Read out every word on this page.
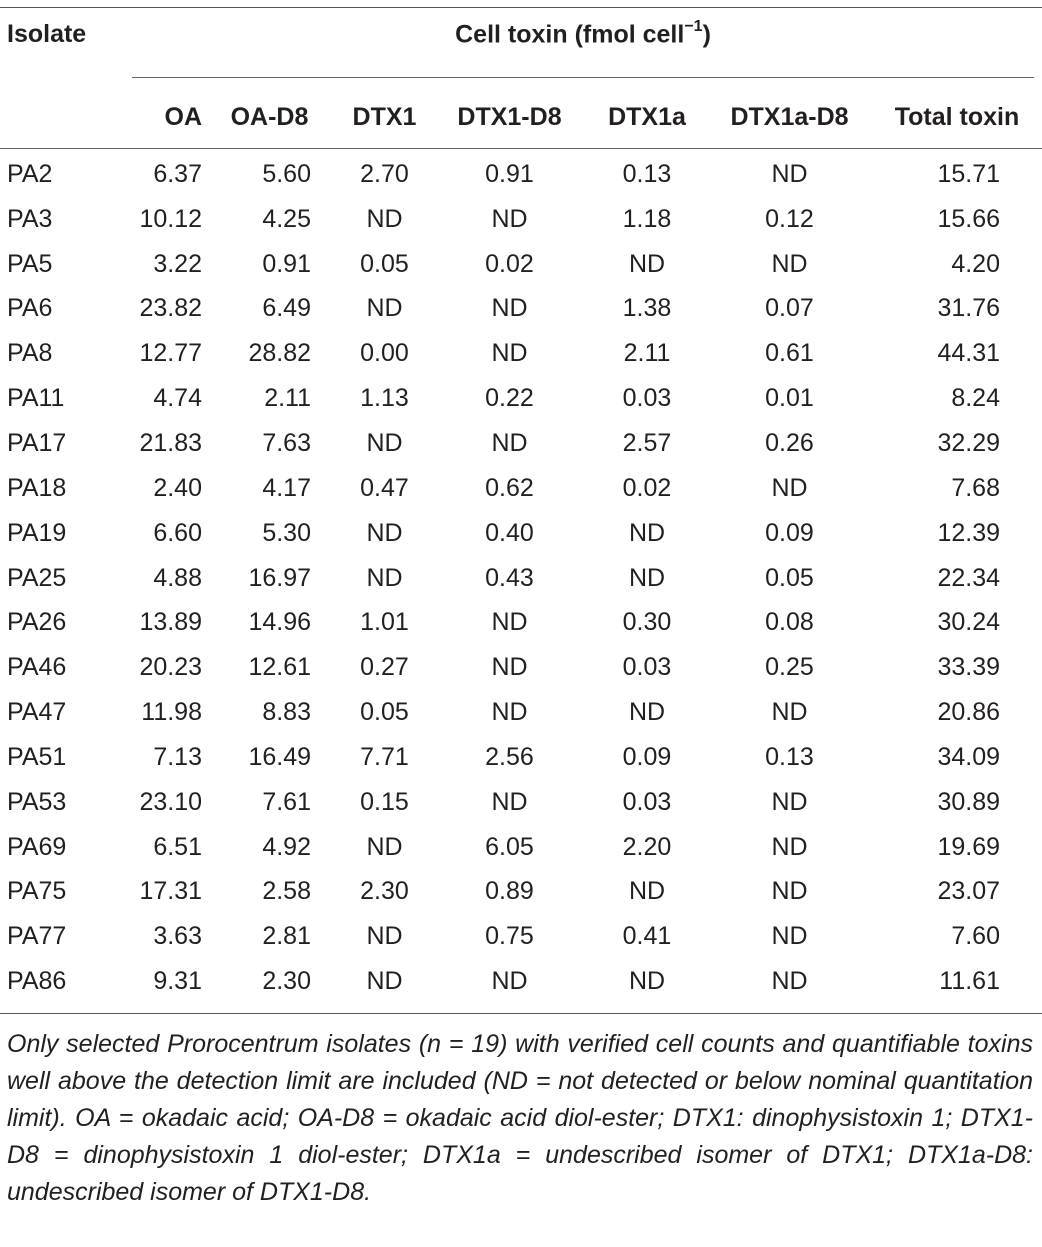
Isolate	Cell toxin (fmol cell$^{-1}$)
	OA	OA-D8	DTX1	DTX1-D8	DTX1a	DTX1a-D8	Total toxin

PA2	6.37	5.60	2.70	0.91	0.13	ND	15.71
PA3	10.12	4.25	ND	ND	1.18	0.12	15.66
PA5	3.22	0.91	0.05	0.02	ND	ND	4.20
PA6	23.82	6.49	ND	ND	1.38	0.07	31.76
PA8	12.77	28.82	0.00	ND	2.11	0.61	44.31
PA11	4.74	2.11	1.13	0.22	0.03	0.01	8.24
PA17	21.83	7.63	ND	ND	2.57	0.26	32.29
PA18	2.40	4.17	0.47	0.62	0.02	ND	7.68
PA19	6.60	5.30	ND	0.40	ND	0.09	12.39
PA25	4.88	16.97	ND	0.43	ND	0.05	22.34
PA26	13.89	14.96	1.01	ND	0.30	0.08	30.24
PA46	20.23	12.61	0.27	ND	0.03	0.25	33.39
PA47	11.98	8.83	0.05	ND	ND	ND	20.86
PA51	7.13	16.49	7.71	2.56	0.09	0.13	34.09
PA53	23.10	7.61	0.15	ND	0.03	ND	30.89
PA69	6.51	4.92	ND	6.05	2.20	ND	19.69
PA75	17.31	2.58	2.30	0.89	ND	ND	23.07
PA77	3.63	2.81	ND	0.75	0.41	ND	7.60
PA86	9.31	2.30	ND	ND	ND	ND	11.61
Only selected Prorocentrum isolates (n = 19) with verified cell counts and quantifiable toxins well above the detection limit are included (ND = not detected or below nominal quantitation limit). OA = okadaic acid; OA-D8 = okadaic acid diol-ester; DTX1: dinophysistoxin 1; DTX1-D8 = dinophysistoxin 1 diol-ester; DTX1a = undescribed isomer of DTX1; DTX1a-D8: undescribed isomer of DTX1-D8.
